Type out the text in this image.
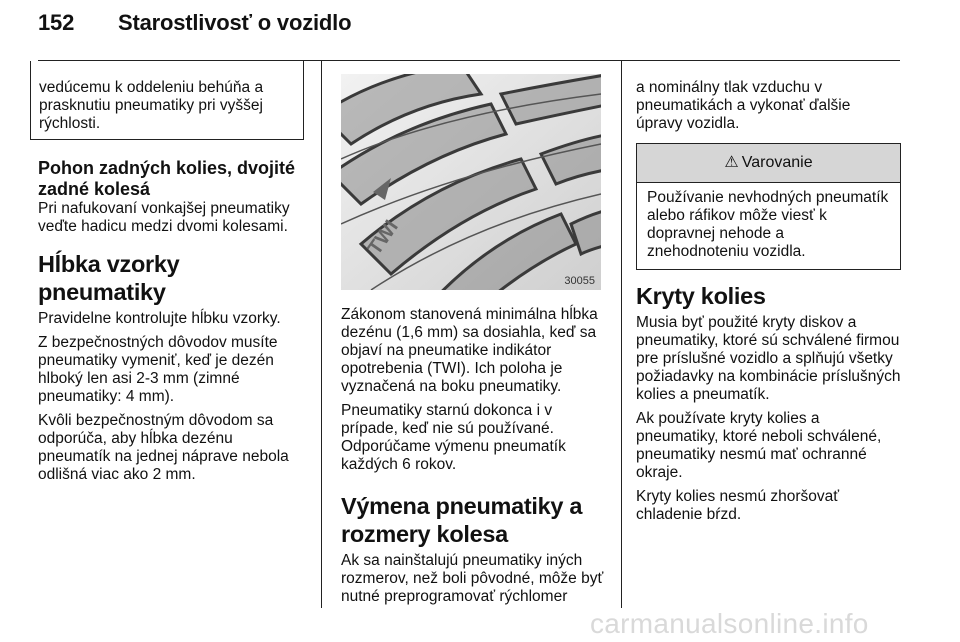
152 Starostlivosť o vozidlo

vedúcemu k oddeleniu behúňa a prasknutiu pneumatiky pri vyššej rýchlosti.

Pohon zadných kolies, dvojité zadné kolesá

Pri nafukovaní vonkajšej pneumatiky veďte hadicu medzi dvomi kolesami.

Hĺbka vzorky pneumatiky

Pravidelne kontrolujte hĺbku vzorky.

Z bezpečnostných dôvodov musíte pneumatiky vymeniť, keď je dezén hlboký len asi 2-3 mm (zimné pneumatiky: 4 mm).

Kvôli bezpečnostným dôvodom sa odporúča, aby hĺbka dezénu pneumatík na jednej náprave nebola odlišná viac ako 2 mm.

TWI
30055

Zákonom stanovená minimálna hĺbka dezénu (1,6 mm) sa dosiahla, keď sa objaví na pneumatike indikátor opotrebenia (TWI). Ich poloha je vyznačená na boku pneumatiky.

Pneumatiky starnú dokonca i v prípade, keď nie sú používané. Odporúčame výmenu pneumatík každých 6 rokov.

Výmena pneumatiky a rozmery kolesa

Ak sa nainštalujú pneumatiky iných rozmerov, než boli pôvodné, môže byť nutné preprogramovať rýchlomer

a nominálny tlak vzduchu v pneumatikách a vykonať ďalšie úpravy vozidla.

⚠ Varovanie
Používanie nevhodných pneumatík alebo ráfikov môže viesť k dopravnej nehode a znehodnoteniu vozidla.
Kryty kolies

Musia byť použité kryty diskov a pneumatiky, ktoré sú schválené firmou pre príslušné vozidlo a splňujú všetky požiadavky na kombinácie príslušných kolies a pneumatík.

Ak používate kryty kolies a pneumatiky, ktoré neboli schválené, pneumatiky nesmú mať ochranné okraje.

Kryty kolies nesmú zhoršovať chladenie bŕzd.

carmanualsonline.info
